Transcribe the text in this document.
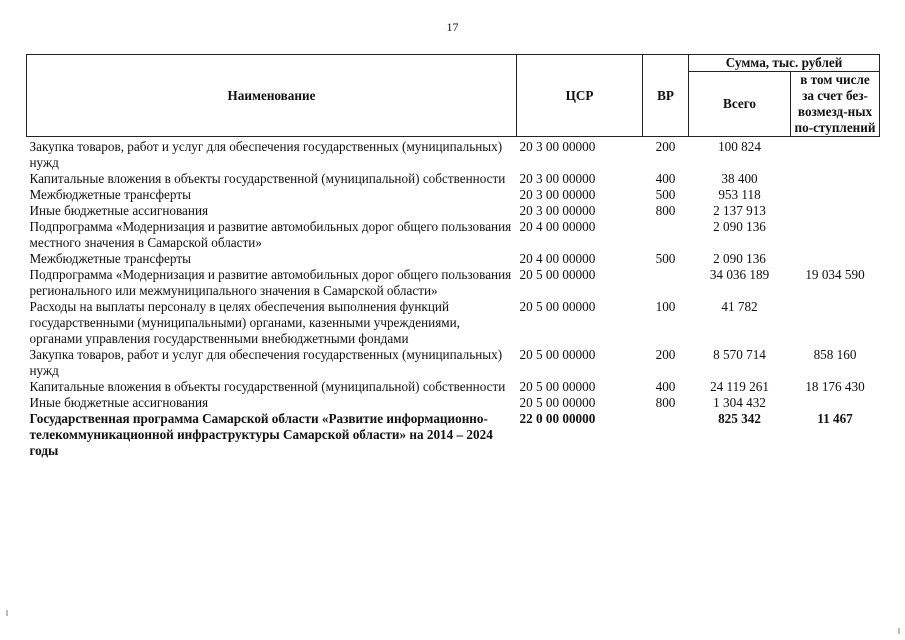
17
Наименование	ЦСР	ВР	Сумма, тыс. рублей	
			Всего	в том числе за счет без-возмезд-ных по-ступлений
Закупка товаров, работ и услуг для обеспечения государственных (муниципальных) нужд	20 3 00 00000	200	100 824	
Капитальные вложения в объекты государственной (муниципальной) собственности	20 3 00 00000	400	38 400	
Межбюджетные трансферты	20 3 00 00000	500	953 118	
Иные бюджетные ассигнования	20 3 00 00000	800	2 137 913	
Подпрограмма «Модернизация и развитие автомобильных дорог общего пользования местного значения в Самарской области»	20 4 00 00000		2 090 136	
Межбюджетные трансферты	20 4 00 00000	500	2 090 136	
Подпрограмма «Модернизация и развитие автомобильных дорог общего пользования регионального или межмуниципального значения в Самарской области»	20 5 00 00000		34 036 189	19 034 590
Расходы на выплаты персоналу в целях обеспечения выполнения функций государственными (муниципальными) органами, казенными учреждениями, органами управления государственными внебюджетными фондами	20 5 00 00000	100	41 782	
Закупка товаров, работ и услуг для обеспечения государственных (муниципальных) нужд	20 5 00 00000	200	8 570 714	858 160
Капитальные вложения в объекты государственной (муниципальной) собственности	20 5 00 00000	400	24 119 261	18 176 430
Иные бюджетные ассигнования	20 5 00 00000	800	1 304 432	
Государственная программа Самарской области «Развитие информационно-телекоммуникационной инфраструктуры Самарской области» на 2014 – 2024 годы	22 0 00 00000		825 342	11 467
